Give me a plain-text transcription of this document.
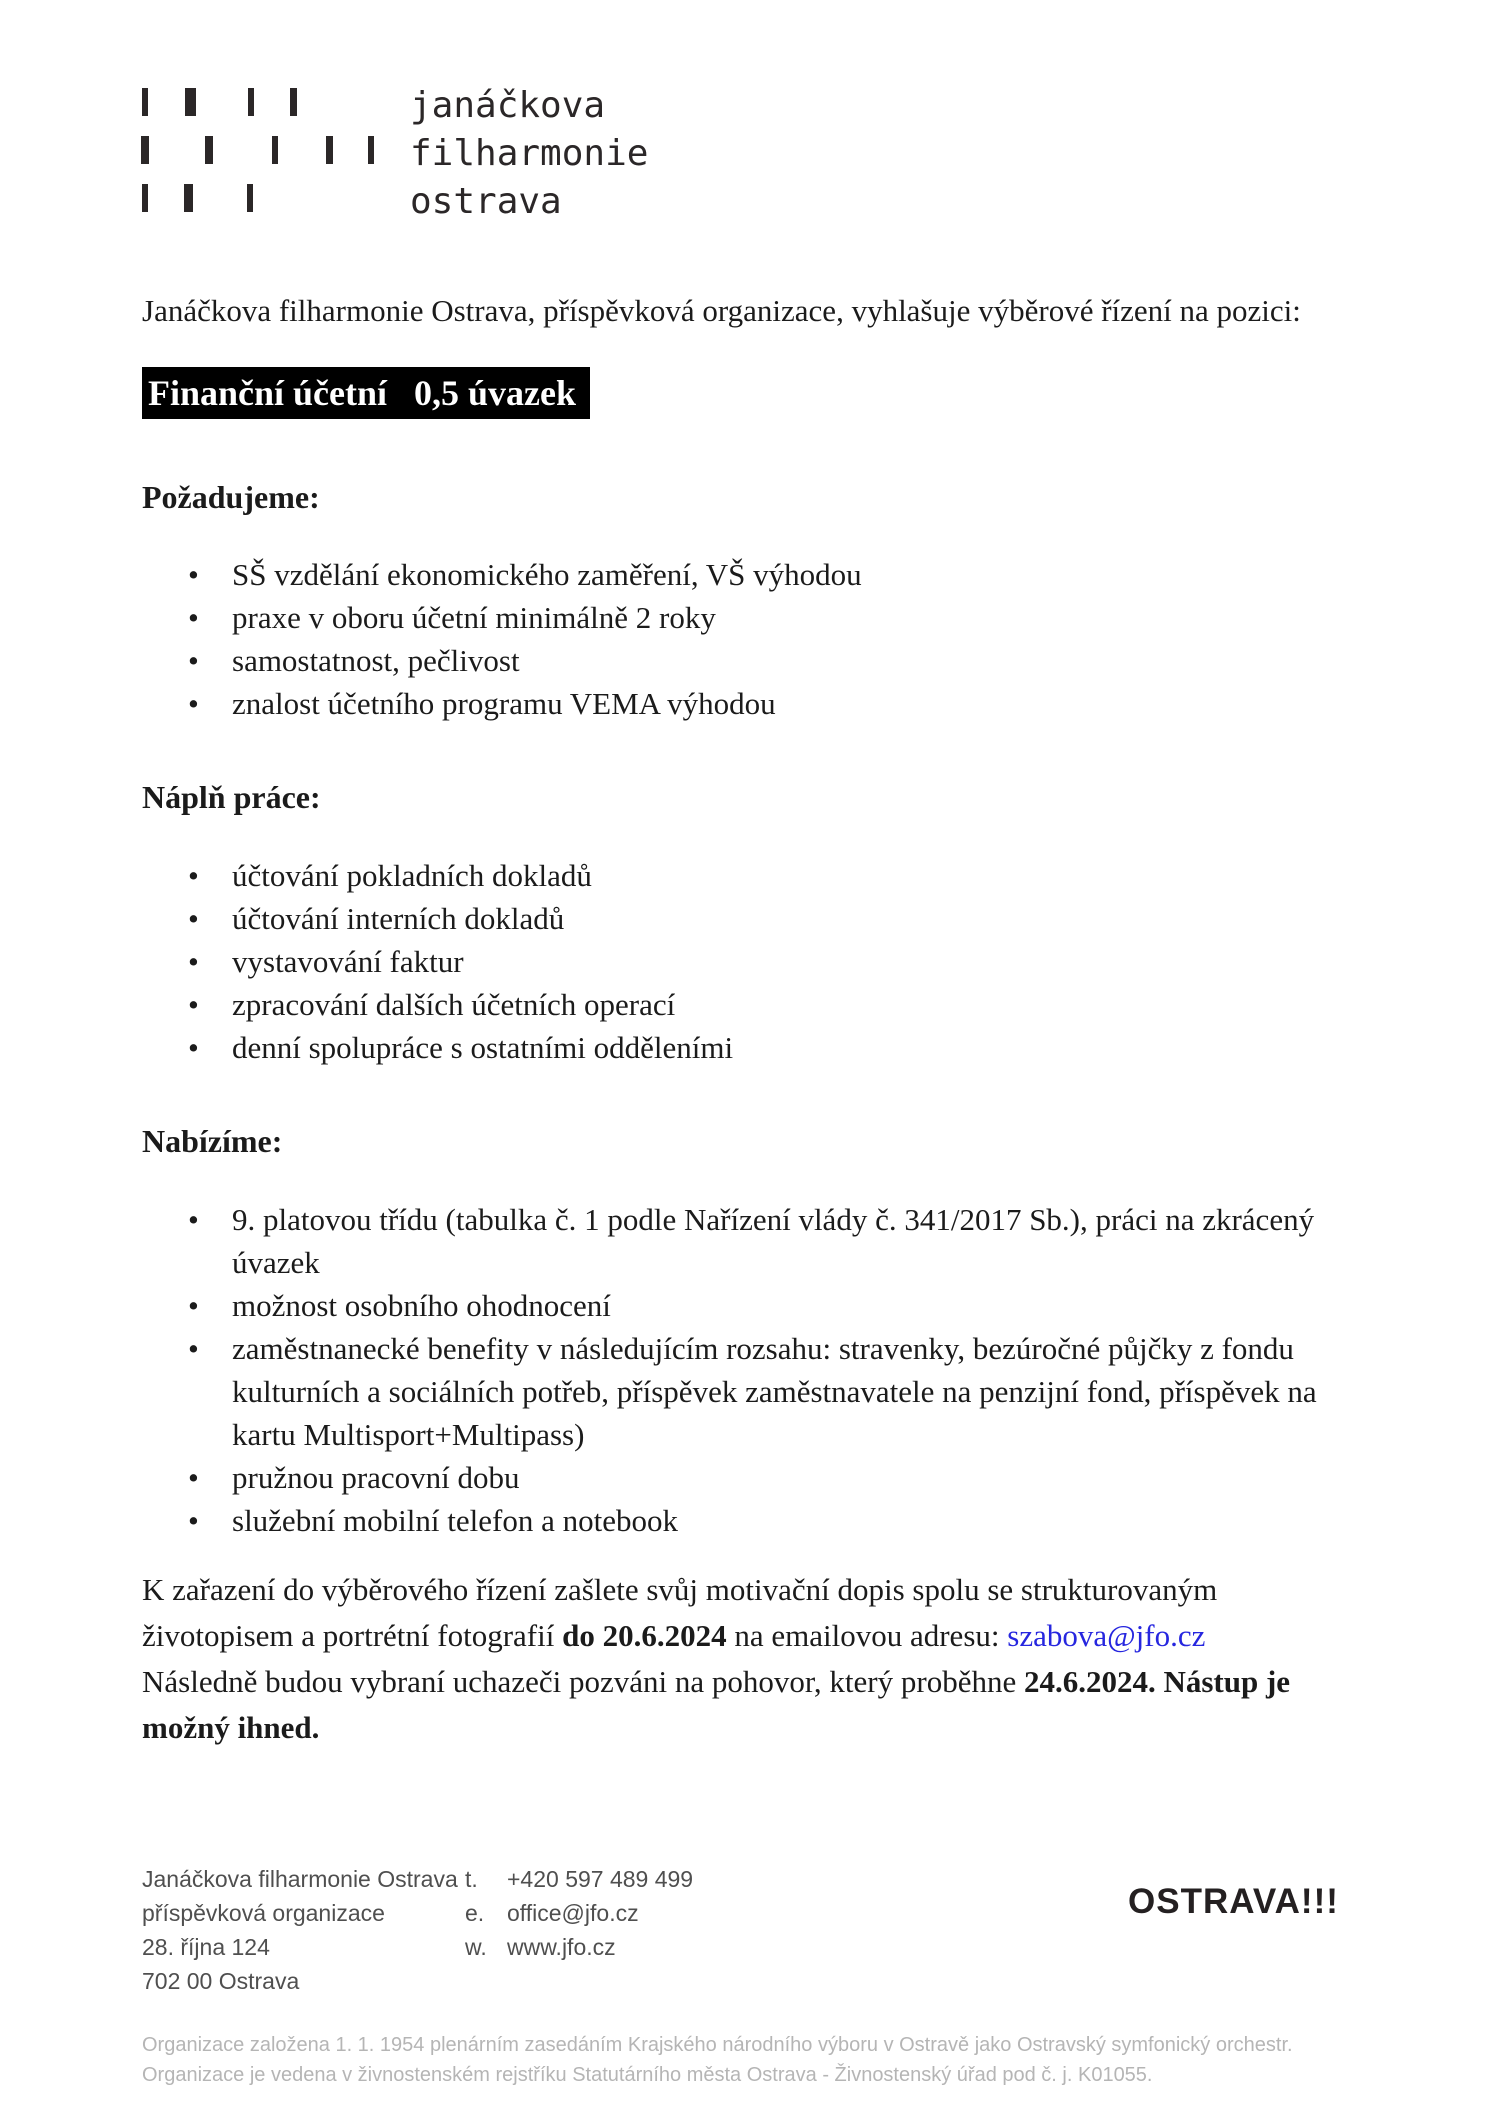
janáčkova
filharmonie
ostrava

Janáčkova filharmonie Ostrava, příspěvková organizace, vyhlašuje výběrové řízení na pozici:

Finanční účetní   0,5 úvazek
Požadujeme:
• SŠ vzdělání ekonomického zaměření, VŠ výhodou
• praxe v oboru účetní minimálně 2 roky
• samostatnost, pečlivost
• znalost účetního programu VEMA výhodou
Náplň práce:
• účtování pokladních dokladů
• účtování interních dokladů
• vystavování faktur
• zpracování dalších účetních operací
• denní spolupráce s ostatními odděleními
Nabízíme:
• 9. platovou třídu (tabulka č. 1 podle Nařízení vlády č. 341/2017 Sb.), práci na zkrácený úvazek
• možnost osobního ohodnocení
• zaměstnanecké benefity v následujícím rozsahu: stravenky, bezúročné půjčky z fondu kulturních a sociálních potřeb, příspěvek zaměstnavatele na penzijní fond, příspěvek na kartu Multisport+Multipass)
• pružnou pracovní dobu
• služební mobilní telefon a notebook

K zařazení do výběrového řízení zašlete svůj motivační dopis spolu se strukturovaným životopisem a portrétní fotografií do 20.6.2024 na emailovou adresu: szabova@jfo.cz Následně budou vybraní uchazeči pozváni na pohovor, který proběhne 24.6.2024. Nástup je možný ihned.

Janáčkova filharmonie Ostrava
příspěvková organizace
28. října 124
702 00 Ostrava
t. +420 597 489 499
e. office@jfo.cz
w. www.jfo.cz
OSTRAVA!!!
Organizace založena 1. 1. 1954 plenárním zasedáním Krajského národního výboru v Ostravě jako Ostravský symfonický orchestr.
Organizace je vedena v živnostenském rejstříku Statutárního města Ostrava - Živnostenský úřad pod č. j. K01055.
